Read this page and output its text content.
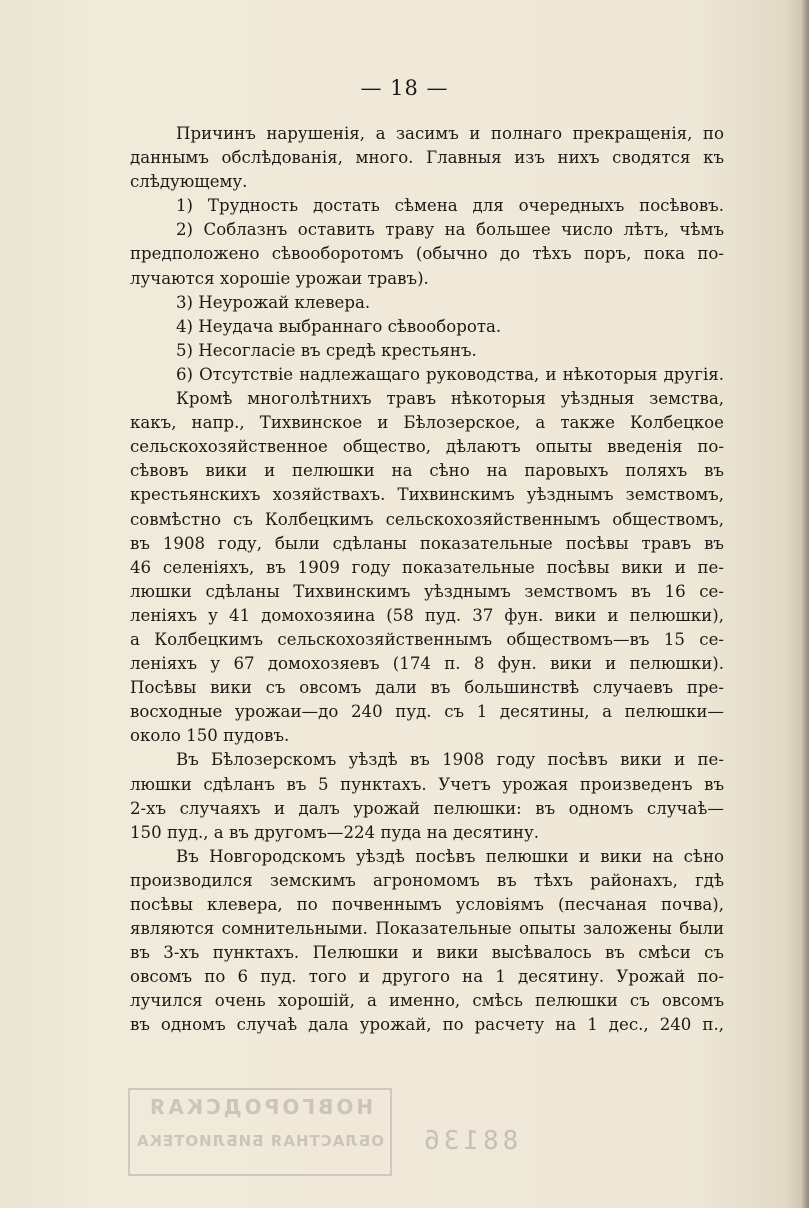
— 18 —
Причинъ нарушенія, а засимъ и полнаго прекращенія, по
даннымъ обслѣдованія, много. Главныя изъ нихъ сводятся къ
слѣдующему.
1) Трудность достать сѣмена для очередныхъ посѣвовъ.
2) Соблазнъ оставить траву на большее число лѣтъ, чѣмъ
предположено сѣвооборотомъ (обычно до тѣхъ поръ, пока по-
лучаются хорошіе урожаи травъ).
3) Неурожай клевера.
4) Неудача выбраннаго сѣвооборота.
5) Несогласіе въ средѣ крестьянъ.
6) Отсутствіе надлежащаго руководства, и нѣкоторыя другія.
Кромѣ многолѣтнихъ травъ нѣкоторыя уѣздныя земства,
какъ, напр., Тихвинское и Бѣлозерское, а также Колбецкое
сельскохозяйственное общество, дѣлаютъ опыты введенія по-
сѣвовъ вики и пелюшки на сѣно на паровыхъ поляхъ въ
крестьянскихъ хозяйствахъ. Тихвинскимъ уѣзднымъ земствомъ,
совмѣстно съ Колбецкимъ сельскохозяйственнымъ обществомъ,
въ 1908 году, были сдѣланы показательные посѣвы травъ въ
46 селеніяхъ, въ 1909 году показательные посѣвы вики и пе-
люшки сдѣланы Тихвинскимъ уѣзднымъ земствомъ въ 16 се-
леніяхъ у 41 домохозяина (58 пуд. 37 фун. вики и пелюшки),
а Колбецкимъ сельскохозяйственнымъ обществомъ—въ 15 се-
леніяхъ у 67 домохозяевъ (174 п. 8 фун. вики и пелюшки).
Посѣвы вики съ овсомъ дали въ большинствѣ случаевъ пре-
восходные урожаи—до 240 пуд. съ 1 десятины, а пелюшки—
около 150 пудовъ.
Въ Бѣлозерскомъ уѣздѣ въ 1908 году посѣвъ вики и пе-
люшки сдѣланъ въ 5 пунктахъ. Учетъ урожая произведенъ въ
2-хъ случаяхъ и далъ урожай пелюшки: въ одномъ случаѣ—
150 пуд., а въ другомъ—224 пуда на десятину.
Въ Новгородскомъ уѣздѣ посѣвъ пелюшки и вики на сѣно
производился земскимъ агрономомъ въ тѣхъ районахъ, гдѣ
посѣвы клевера, по почвеннымъ условіямъ (песчаная почва),
являются сомнительными. Показательные опыты заложены были
въ 3-хъ пунктахъ. Пелюшки и вики высѣвалось въ смѣси съ
овсомъ по 6 пуд. того и другого на 1 десятину. Урожай по-
лучился очень хорошій, а именно, смѣсь пелюшки съ овсомъ
въ одномъ случаѣ дала урожай, по расчету на 1 дес., 240 п.,
НОВГОРОДСКАЯ
ОБЛАСТНАЯ БИБЛИОТЕКА 88136
